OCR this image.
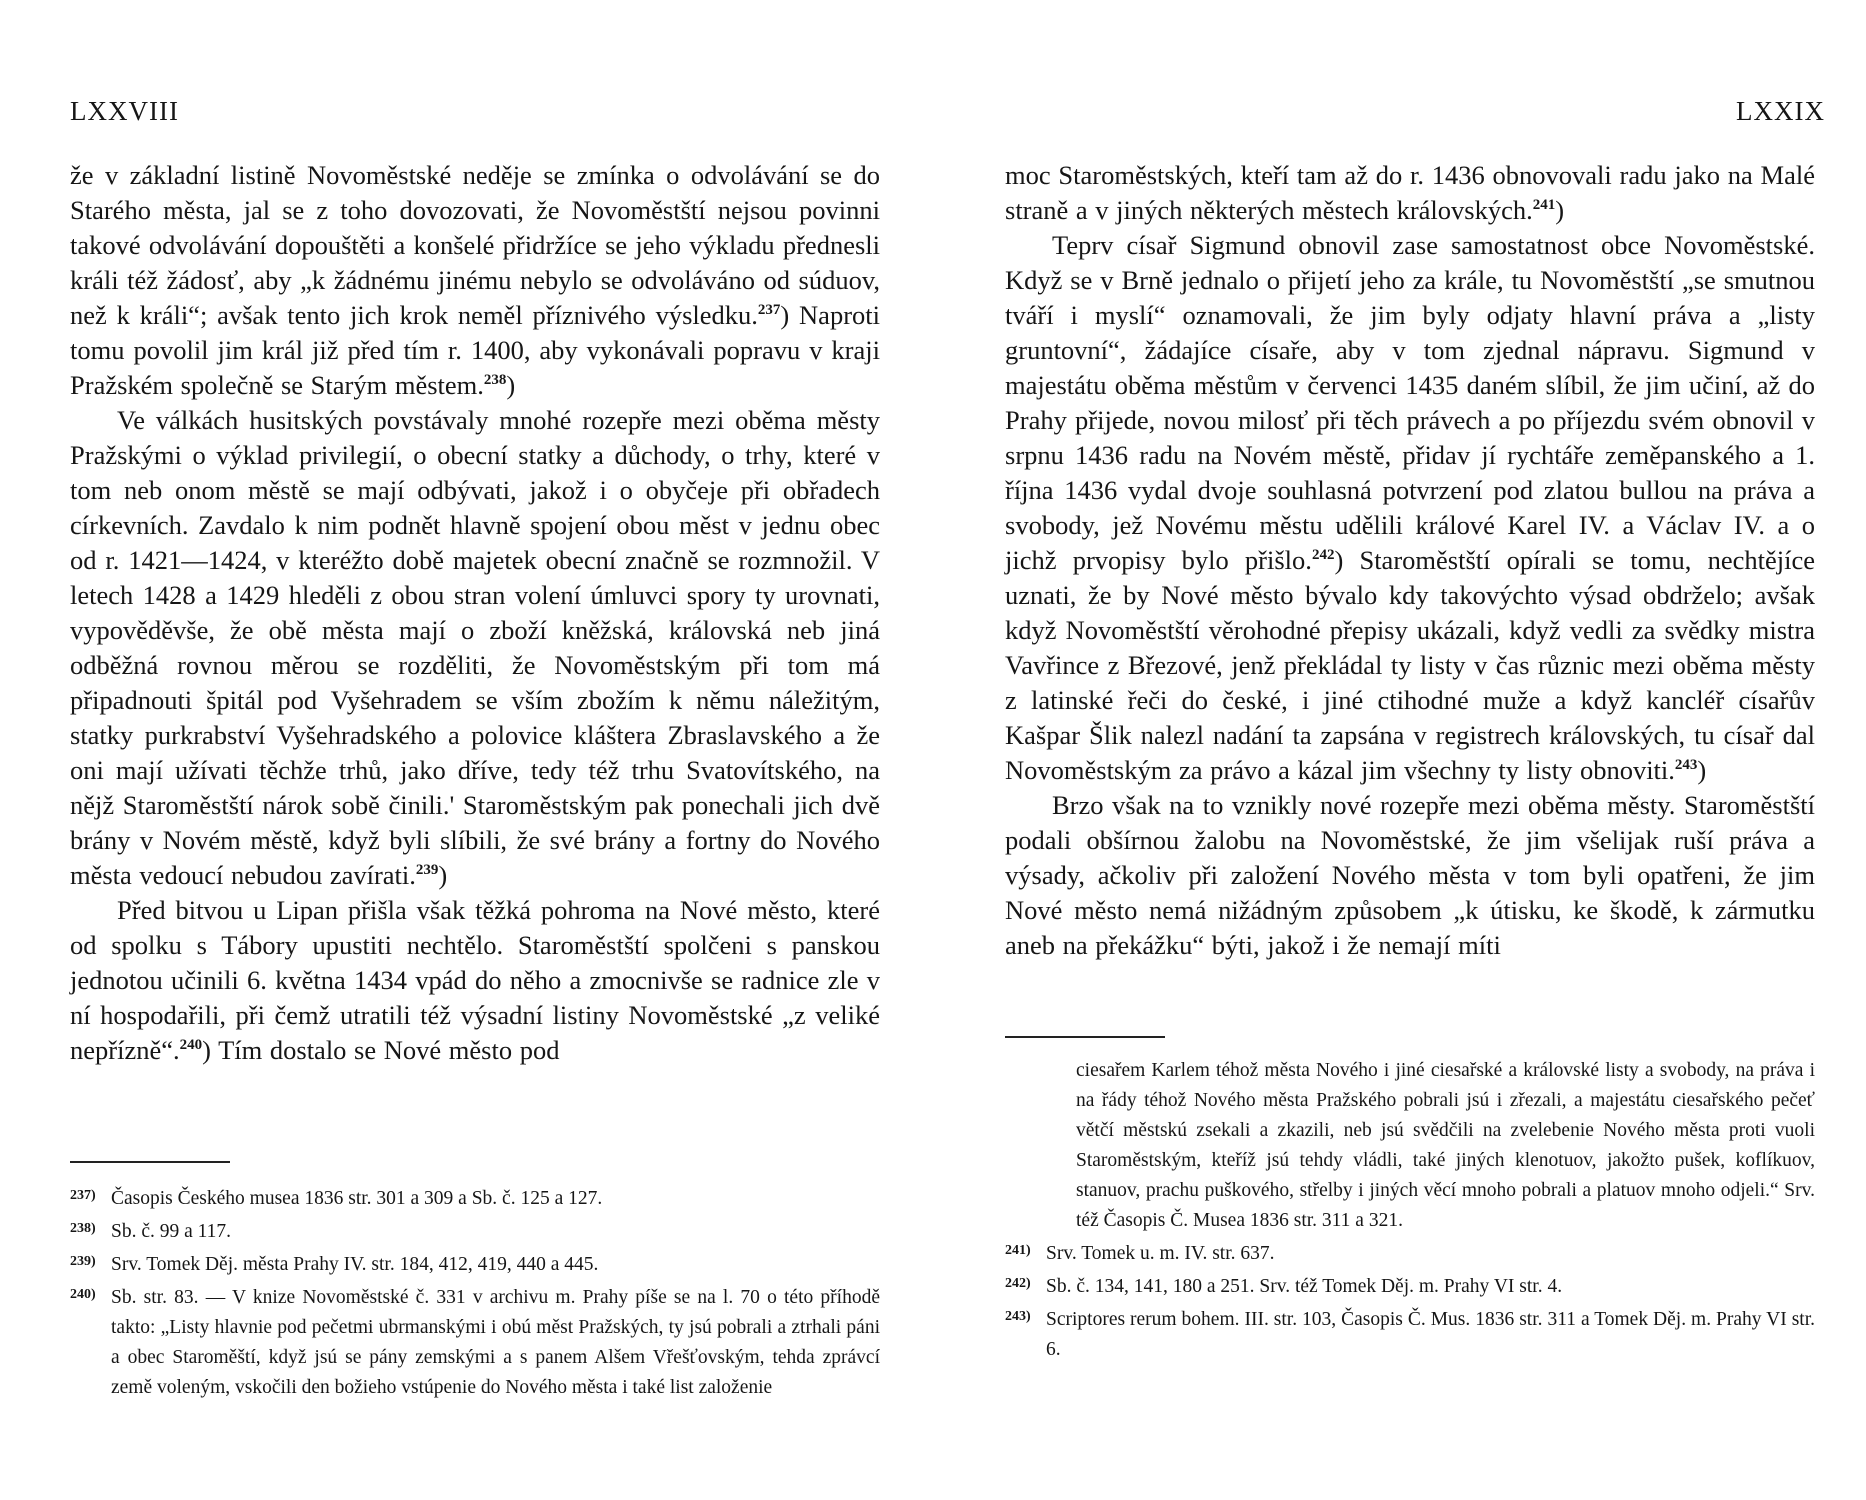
LXXVIII

že v základní listině Novoměstské neděje se zmínka o odvolávání se do Starého města, jal se z toho dovozovati, že Novoměstští nejsou povinni takové odvolávání dopouštěti a konšelé přidržíce se jeho výkladu přednesli králi též žádosť, aby „k žádnému jinému nebylo se odvoláváno od súduov, než k králi“; avšak tento jich krok neměl příznivého výsledku.$^{237}$) Naproti tomu povolil jim král již před tím r. 1400, aby vykonávali popravu v kraji Pražském společně se Starým městem.$^{238}$)

Ve válkách husitských povstávaly mnohé rozepře mezi oběma městy Pražskými o výklad privilegií, o obecní statky a důchody, o trhy, které v tom neb onom městě se mají odbývati, jakož i o obyčeje při obřadech církevních. Zavdalo k nim podnět hlavně spojení obou měst v jednu obec od r. 1421—1424, v kteréžto době majetek obecní značně se rozmnožil. V letech 1428 a 1429 hleděli z obou stran volení úmluvci spory ty urovnati, vypověděvše, že obě města mají o zboží kněžská, královská neb jiná odběžná rovnou měrou se rozděliti, že Novoměstským při tom má připadnouti špitál pod Vyšehradem se vším zbožím k němu náležitým, statky purkrabství Vyšehradského a polovice kláštera Zbraslavského a že oni mají užívati těchže trhů, jako dříve, tedy též trhu Svatovítského, na nějž Staroměstští nárok sobě činili.' Staroměstským pak ponechali jich dvě brány v Novém městě, když byli slíbili, že své brány a fortny do Nového města vedoucí nebudou zavírati.$^{239}$)

Před bitvou u Lipan přišla však těžká pohroma na Nové město, které od spolku s Tábory upustiti nechtělo. Staroměstští spolčeni s panskou jednotou učinili 6. května 1434 vpád do něho a zmocnivše se radnice zle v ní hospodařili, při čemž utratili též výsadní listiny Novoměstské „z veliké nepřízně“.$^{240}$) Tím dostalo se Nové město pod

237) Časopis Českého musea 1836 str. 301 a 309 a Sb. č. 125 a 127.

238) Sb. č. 99 a 117.

239) Srv. Tomek Děj. města Prahy IV. str. 184, 412, 419, 440 a 445.

240) Sb. str. 83. — V knize Novoměstské č. 331 v archivu m. Prahy píše se na l. 70 o této příhodě takto: „Listy hlavnie pod pečetmi ubrmanskými i obú měst Pražských, ty jsú pobrali a ztrhali páni a obec Staroměští, když jsú se pány zemskými a s panem Alšem Vřešťovským, tehda zprávcí země voleným, vskočili den božieho vstúpenie do Nového města i také list založenie

LXXIX

moc Staroměstských, kteří tam až do r. 1436 obnovovali radu jako na Malé straně a v jiných některých městech královských.$^{241}$)

Teprv císař Sigmund obnovil zase samostatnost obce Novoměstské. Když se v Brně jednalo o přijetí jeho za krále, tu Novoměstští „se smutnou tváří i myslí“ oznamovali, že jim byly odjaty hlavní práva a „listy gruntovní“, žádajíce císaře, aby v tom zjednal nápravu. Sigmund v majestátu oběma městům v červenci 1435 daném slíbil, že jim učiní, až do Prahy přijede, novou milosť při těch právech a po příjezdu svém obnovil v srpnu 1436 radu na Novém městě, přidav jí rychtáře zeměpanského a 1. října 1436 vydal dvoje souhlasná potvrzení pod zlatou bullou na práva a svobody, jež Novému městu udělili králové Karel IV. a Václav IV. a o jichž prvopisy bylo přišlo.$^{242}$) Staroměstští opírali se tomu, nechtějíce uznati, že by Nové město bývalo kdy takovýchto výsad obdrželo; avšak když Novoměstští věrohodné přepisy ukázali, když vedli za svědky mistra Vavřince z Březové, jenž překládal ty listy v čas různic mezi oběma městy z latinské řeči do české, i jiné ctihodné muže a když kancléř císařův Kašpar Šlik nalezl nadání ta zapsána v registrech královských, tu císař dal Novoměstským za právo a kázal jim všechny ty listy obnoviti.$^{243}$)

Brzo však na to vznikly nové rozepře mezi oběma městy. Staroměstští podali obšírnou žalobu na Novoměstské, že jim všelijak ruší práva a výsady, ačkoliv při založení Nového města v tom byli opatřeni, že jim Nové město nemá nižádným způsobem „k útisku, ke škodě, k zármutku aneb na překážku“ býti, jakož i že nemají míti

ciesařem Karlem téhož města Nového i jiné ciesařské a královské listy a svobody, na práva i na řády téhož Nového města Pražského pobrali jsú i zřezali, a majestátu ciesařského pečeť větčí městskú zsekali a zkazili, neb jsú svědčili na zvelebenie Nového města proti vuoli Staroměstským, kteříž jsú tehdy vládli, také jiných klenotuov, jakožto pušek, koflíkuov, stanuov, prachu puškového, střelby i jiných věcí mnoho pobrali a platuov mnoho odjeli.“ Srv. též Časopis Č. Musea 1836 str. 311 a 321.

241) Srv. Tomek u. m. IV. str. 637.

242) Sb. č. 134, 141, 180 a 251. Srv. též Tomek Děj. m. Prahy VI str. 4.

243) Scriptores rerum bohem. III. str. 103, Časopis Č. Mus. 1836 str. 311 a Tomek Děj. m. Prahy VI str. 6.
